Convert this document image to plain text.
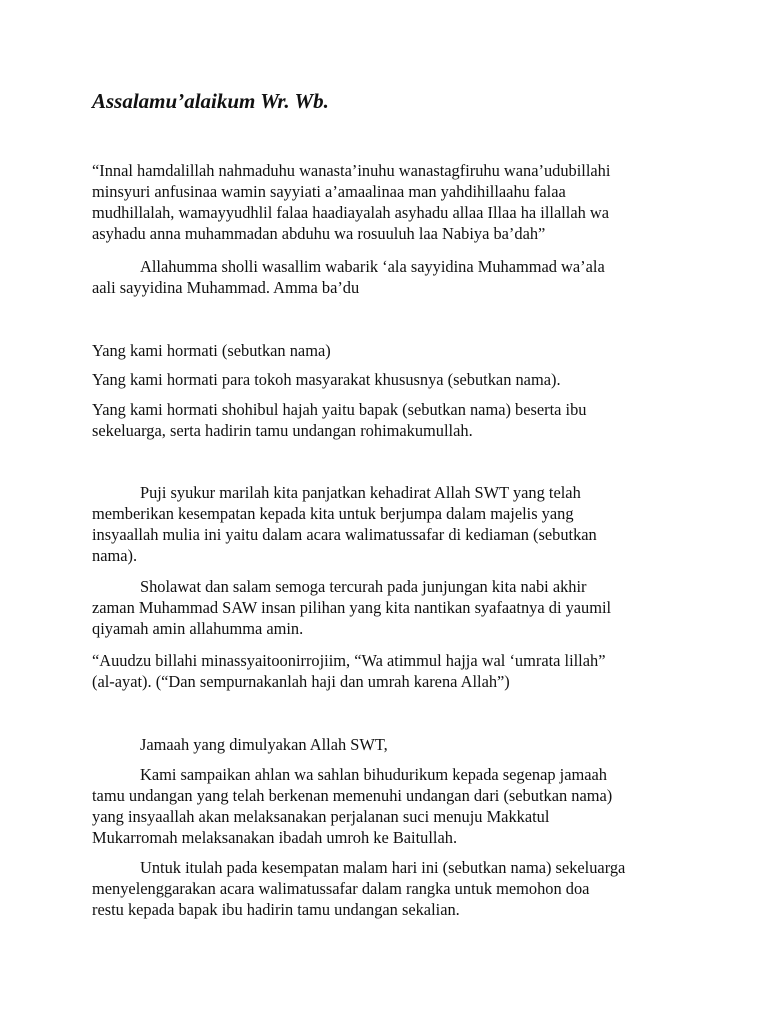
Assalamu’alaikum Wr. Wb.

“Innal hamdalillah nahmaduhu wanasta’inuhu wanastagfiruhu wana’udubillahi
minsyuri anfusinaa wamin sayyiati a’amaalinaa man yahdihillaahu falaa
mudhillalah, wamayyudhlil falaa haadiayalah asyhadu allaa Illaa ha illallah wa
asyhadu anna muhammadan abduhu wa rosuuluh laa Nabiya ba’dah”

Allahumma sholli wasallim wabarik ‘ala sayyidina Muhammad wa’ala
aali sayyidina Muhammad. Amma ba’du

Yang kami hormati (sebutkan nama)

Yang kami hormati para tokoh masyarakat khususnya (sebutkan nama).

Yang kami hormati shohibul hajah yaitu bapak (sebutkan nama) beserta ibu
sekeluarga, serta hadirin tamu undangan rohimakumullah.

Puji syukur marilah kita panjatkan kehadirat Allah SWT yang telah
memberikan kesempatan kepada kita untuk berjumpa dalam majelis yang
insyaallah mulia ini yaitu dalam acara walimatussafar di kediaman (sebutkan
nama).

Sholawat dan salam semoga tercurah pada junjungan kita nabi akhir
zaman Muhammad SAW insan pilihan yang kita nantikan syafaatnya di yaumil
qiyamah amin allahumma amin.

“Auudzu billahi minassyaitoonirrojiim, “Wa atimmul hajja wal ‘umrata lillah”
(al-ayat). (“Dan sempurnakanlah haji dan umrah karena Allah”)

Jamaah yang dimulyakan Allah SWT,

Kami sampaikan ahlan wa sahlan bihudurikum kepada segenap jamaah
tamu undangan yang telah berkenan memenuhi undangan dari (sebutkan nama)
yang insyaallah akan melaksanakan perjalanan suci menuju Makkatul
Mukarromah melaksanakan ibadah umroh ke Baitullah.

Untuk itulah pada kesempatan malam hari ini (sebutkan nama) sekeluarga
menyelenggarakan acara walimatussafar dalam rangka untuk memohon doa
restu kepada bapak ibu hadirin tamu undangan sekalian.
